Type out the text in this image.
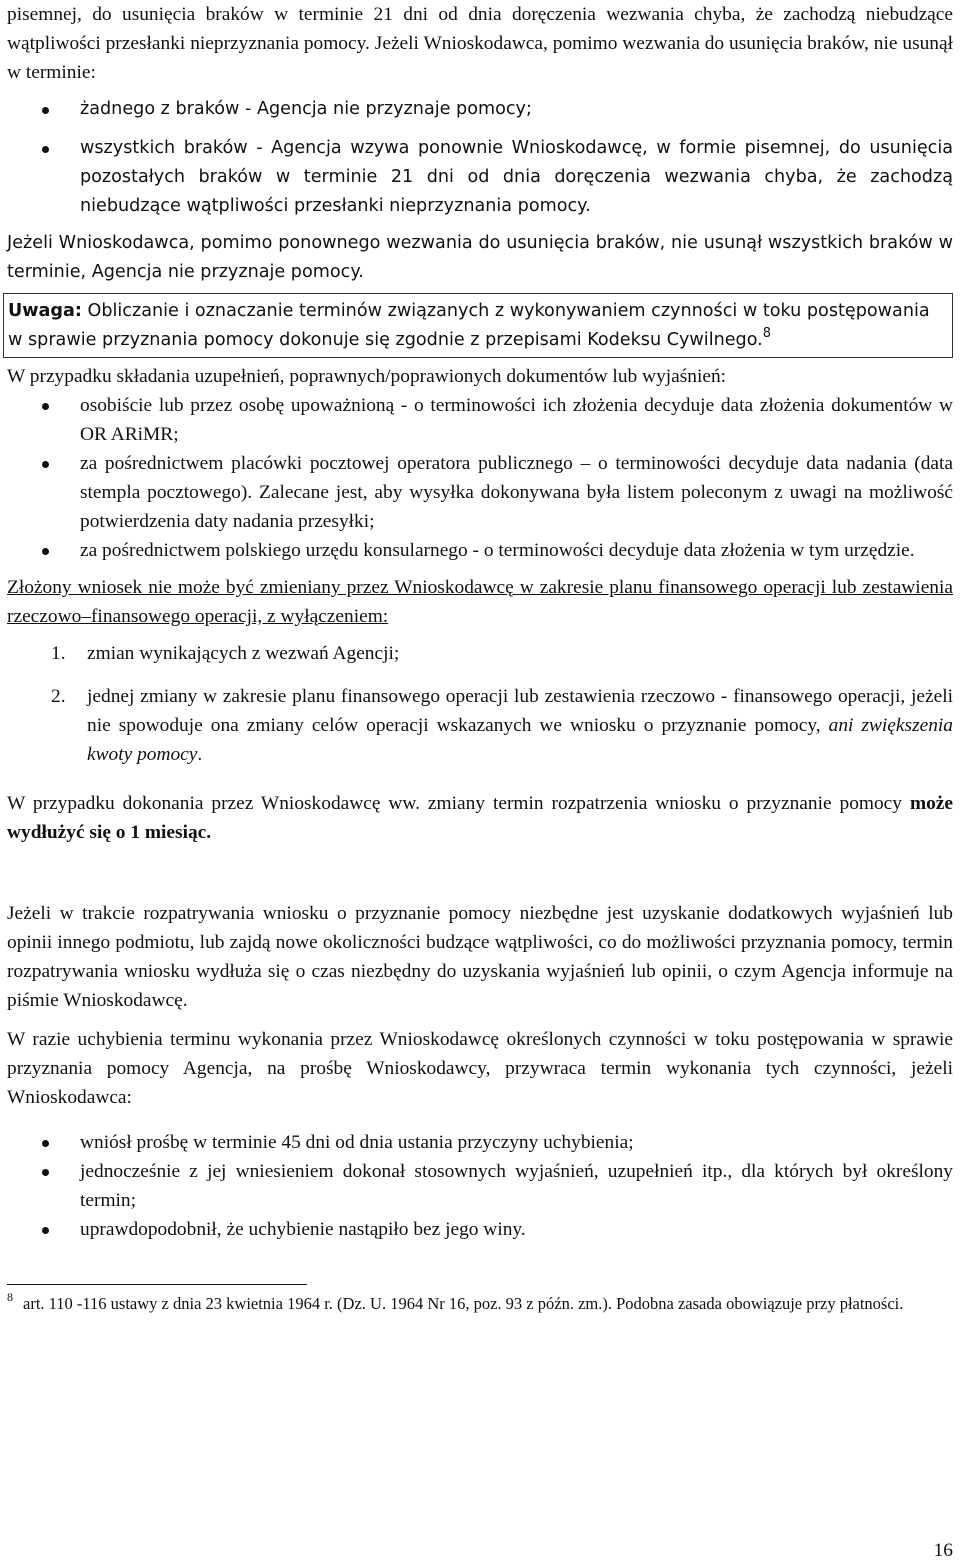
pisemnej, do usunięcia braków w terminie 21 dni od dnia doręczenia wezwania chyba, że zachodzą niebudzące wątpliwości przesłanki nieprzyznania pomocy. Jeżeli Wnioskodawca, pomimo wezwania do usunięcia braków, nie usunął w terminie:

żadnego z braków - Agencja nie przyznaje pomocy;
wszystkich braków - Agencja wzywa ponownie Wnioskodawcę, w formie pisemnej, do usunięcia pozostałych braków w terminie 21 dni od dnia doręczenia wezwania chyba, że zachodzą niebudzące wątpliwości przesłanki nieprzyznania pomocy.

Jeżeli Wnioskodawca, pomimo ponownego wezwania do usunięcia braków, nie usunął wszystkich braków w terminie, Agencja nie przyznaje pomocy.

Uwaga: Obliczanie i oznaczanie terminów związanych z wykonywaniem czynności w toku postępowania w sprawie przyznania pomocy dokonuje się zgodnie z przepisami Kodeksu Cywilnego.$^8$

W przypadku składania uzupełnień, poprawnych/poprawionych dokumentów lub wyjaśnień:

osobiście lub przez osobę upoważnioną - o terminowości ich złożenia decyduje data złożenia dokumentów w OR ARiMR;
za pośrednictwem placówki pocztowej operatora publicznego – o terminowości decyduje data nadania (data stempla pocztowego). Zalecane jest, aby wysyłka dokonywana była listem poleconym z uwagi na możliwość potwierdzenia daty nadania przesyłki;
za pośrednictwem polskiego urzędu konsularnego - o terminowości decyduje data złożenia w tym urzędzie.

Złożony wniosek nie może być zmieniany przez Wnioskodawcę w zakresie planu finansowego operacji lub zestawienia rzeczowo–finansowego operacji, z wyłączeniem:

1. zmian wynikających z wezwań Agencji;
2. jednej zmiany w zakresie planu finansowego operacji lub zestawienia rzeczowo - finansowego operacji, jeżeli nie spowoduje ona zmiany celów operacji wskazanych we wniosku o przyznanie pomocy, ani zwiększenia kwoty pomocy.

W przypadku dokonania przez Wnioskodawcę ww. zmiany termin rozpatrzenia wniosku o przyznanie pomocy może wydłużyć się o 1 miesiąc.

Jeżeli w trakcie rozpatrywania wniosku o przyznanie pomocy niezbędne jest uzyskanie dodatkowych wyjaśnień lub opinii innego podmiotu, lub zajdą nowe okoliczności budzące wątpliwości, co do możliwości przyznania pomocy, termin rozpatrywania wniosku wydłuża się o czas niezbędny do uzyskania wyjaśnień lub opinii, o czym Agencja informuje na piśmie Wnioskodawcę.

W razie uchybienia terminu wykonania przez Wnioskodawcę określonych czynności w toku postępowania w sprawie przyznania pomocy Agencja, na prośbę Wnioskodawcy, przywraca termin wykonania tych czynności, jeżeli Wnioskodawca:

wniósł prośbę w terminie 45 dni od dnia ustania przyczyny uchybienia;
jednocześnie z jej wniesieniem dokonał stosownych wyjaśnień, uzupełnień itp., dla których był określony termin;
uprawdopodobnił, że uchybienie nastąpiło bez jego winy.
$^8$ art. 110 -116 ustawy z dnia 23 kwietnia 1964 r. (Dz. U. 1964 Nr 16, poz. 93 z późn. zm.). Podobna zasada obowiązuje przy płatności.
16
